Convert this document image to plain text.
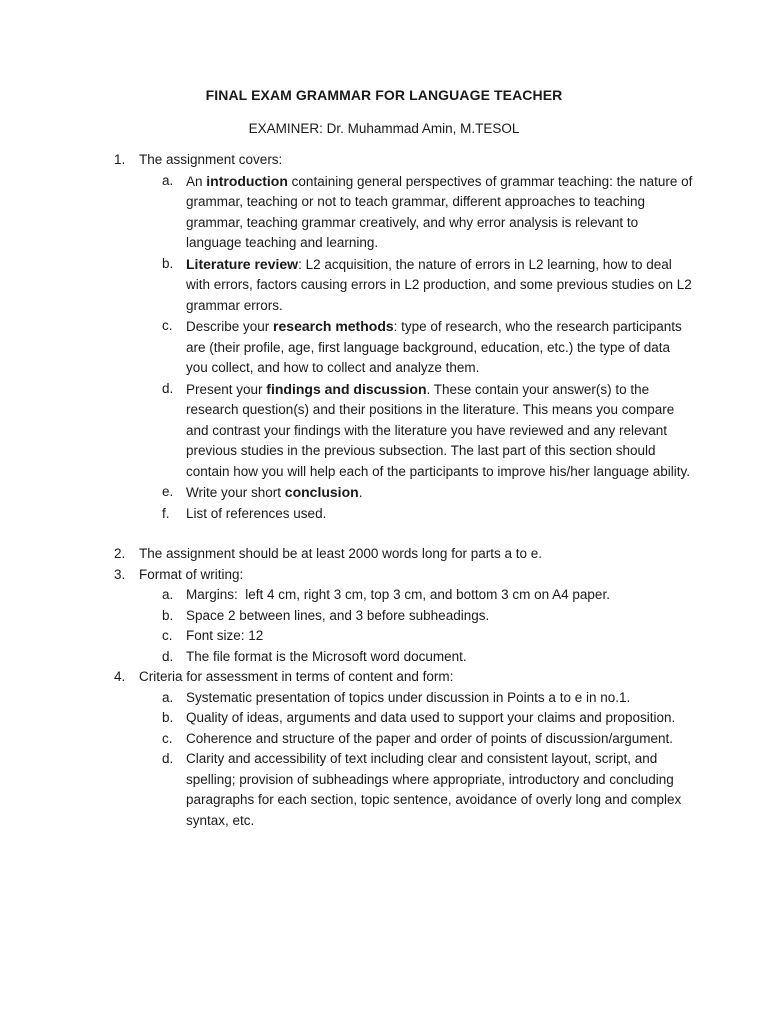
FINAL EXAM GRAMMAR FOR LANGUAGE TEACHER
EXAMINER: Dr. Muhammad Amin, M.TESOL
1. The assignment covers:
a. An introduction containing general perspectives of grammar teaching: the nature of grammar, teaching or not to teach grammar, different approaches to teaching grammar, teaching grammar creatively, and why error analysis is relevant to language teaching and learning.
b. Literature review: L2 acquisition, the nature of errors in L2 learning, how to deal with errors, factors causing errors in L2 production, and some previous studies on L2 grammar errors.
c. Describe your research methods: type of research, who the research participants are (their profile, age, first language background, education, etc.) the type of data you collect, and how to collect and analyze them.
d. Present your findings and discussion. These contain your answer(s) to the research question(s) and their positions in the literature. This means you compare and contrast your findings with the literature you have reviewed and any relevant previous studies in the previous subsection. The last part of this section should contain how you will help each of the participants to improve his/her language ability.
e. Write your short conclusion.
f. List of references used.
2. The assignment should be at least 2000 words long for parts a to e.
3. Format of writing:
a. Margins:  left 4 cm, right 3 cm, top 3 cm, and bottom 3 cm on A4 paper.
b. Space 2 between lines, and 3 before subheadings.
c. Font size: 12
d. The file format is the Microsoft word document.
4. Criteria for assessment in terms of content and form:
a. Systematic presentation of topics under discussion in Points a to e in no.1.
b. Quality of ideas, arguments and data used to support your claims and proposition.
c. Coherence and structure of the paper and order of points of discussion/argument.
d. Clarity and accessibility of text including clear and consistent layout, script, and spelling; provision of subheadings where appropriate, introductory and concluding paragraphs for each section, topic sentence, avoidance of overly long and complex syntax, etc.
